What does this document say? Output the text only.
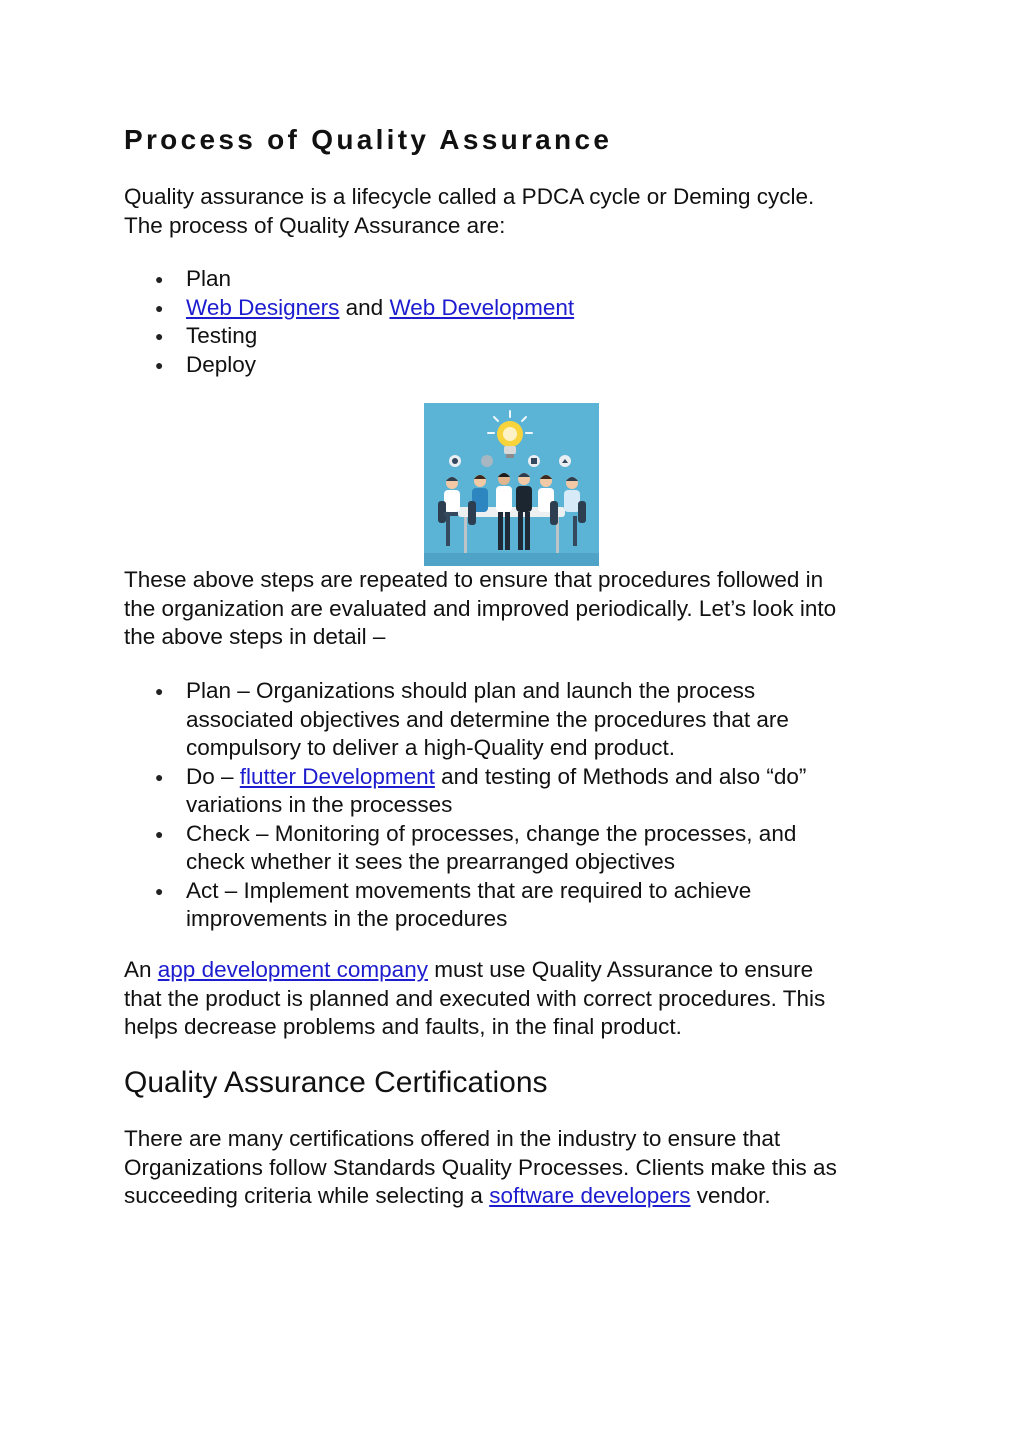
Process of Quality Assurance

Quality assurance is a lifecycle called a PDCA cycle or Deming cycle.
The process of Quality Assurance are:

● Plan
● Web Designers and Web Development
● Testing
● Deploy

These above steps are repeated to ensure that procedures followed in
the organization are evaluated and improved periodically. Let’s look into
the above steps in detail –

● Plan – Organizations should plan and launch the process
associated objectives and determine the procedures that are
compulsory to deliver a high-Quality end product.
● Do – flutter Development and testing of Methods and also “do”
variations in the processes
● Check – Monitoring of processes, change the processes, and
check whether it sees the prearranged objectives
● Act – Implement movements that are required to achieve
improvements in the procedures

An app development company must use Quality Assurance to ensure
that the product is planned and executed with correct procedures. This
helps decrease problems and faults, in the final product.

Quality Assurance Certifications

There are many certifications offered in the industry to ensure that
Organizations follow Standards Quality Processes. Clients make this as
succeeding criteria while selecting a software developers vendor.
